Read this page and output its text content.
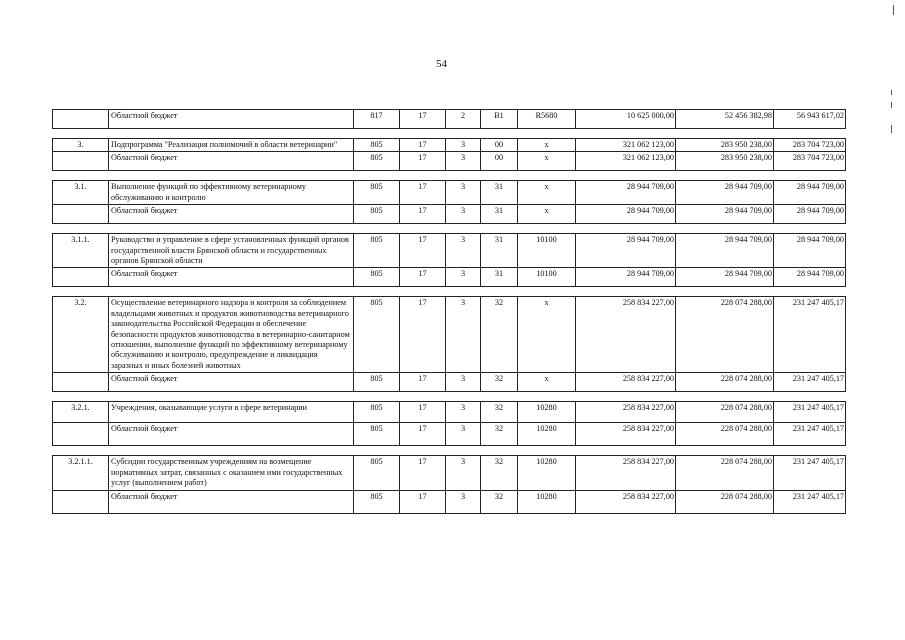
54
	Областной бюджет	817	17	2	В1	R5680	10 625 000,00	52 456 382,98	56 943 617,02

3.	Подпрограмма "Реализация полномочий в области ветеринарии"	805	17	3	00	х	321 062 123,00	283 950 238,00	283 704 723,00
	Областной бюджет	805	17	3	00	х	321 062 123,00	283 950 238,00	283 704 723,00

3.1.	Выполнение функций по эффективному ветеринарному обслуживанию и контролю	805	17	3	31	х	28 944 709,00	28 944 709,00	28 944 709,00
	Областной бюджет	805	17	3	31	х	28 944 709,00	28 944 709,00	28 944 709,00

3.1.1.	Руководство и управление в сфере установленных функций органов государственной власти Брянской области и государственных органов Брянской области	805	17	3	31	10100	28 944 709,00	28 944 709,00	28 944 709,00
	Областной бюджет	805	17	3	31	10100	28 944 709,00	28 944 709,00	28 944 709,00

3.2.	Осуществление ветеринарного надзора и контроля за соблюдением владельцами животных и продуктов животноводства ветеринарного законодательства Российской Федерации и обеспечение безопасности продуктов животноводства в ветеринарно-санитарном отношении, выполнение функций по эффективному ветеринарному обслуживанию и контролю, предупреждение и ликвидация заразных и иных болезней животных	805	17	3	32	х	258 834 227,00	228 074 288,00	231 247 405,17
	Областной бюджет	805	17	3	32	х	258 834 227,00	228 074 288,00	231 247 405,17

3.2.1.	Учреждения, оказывающие услуги в сфере ветеринарии	805	17	3	32	10280	258 834 227,00	228 074 288,00	231 247 405,17
	Областной бюджет	805	17	3	32	10280	258 834 227,00	228 074 288,00	231 247 405,17

3.2.1.1.	Субсидии государственным учреждениям на возмещение нормативных затрат, связанных с оказанием ими государственных услуг (выполнением работ)	805	17	3	32	10280	258 834 227,00	228 074 288,00	231 247 405,17
	Областной бюджет	805	17	3	32	10280	258 834 227,00	228 074 288,00	231 247 405,17
